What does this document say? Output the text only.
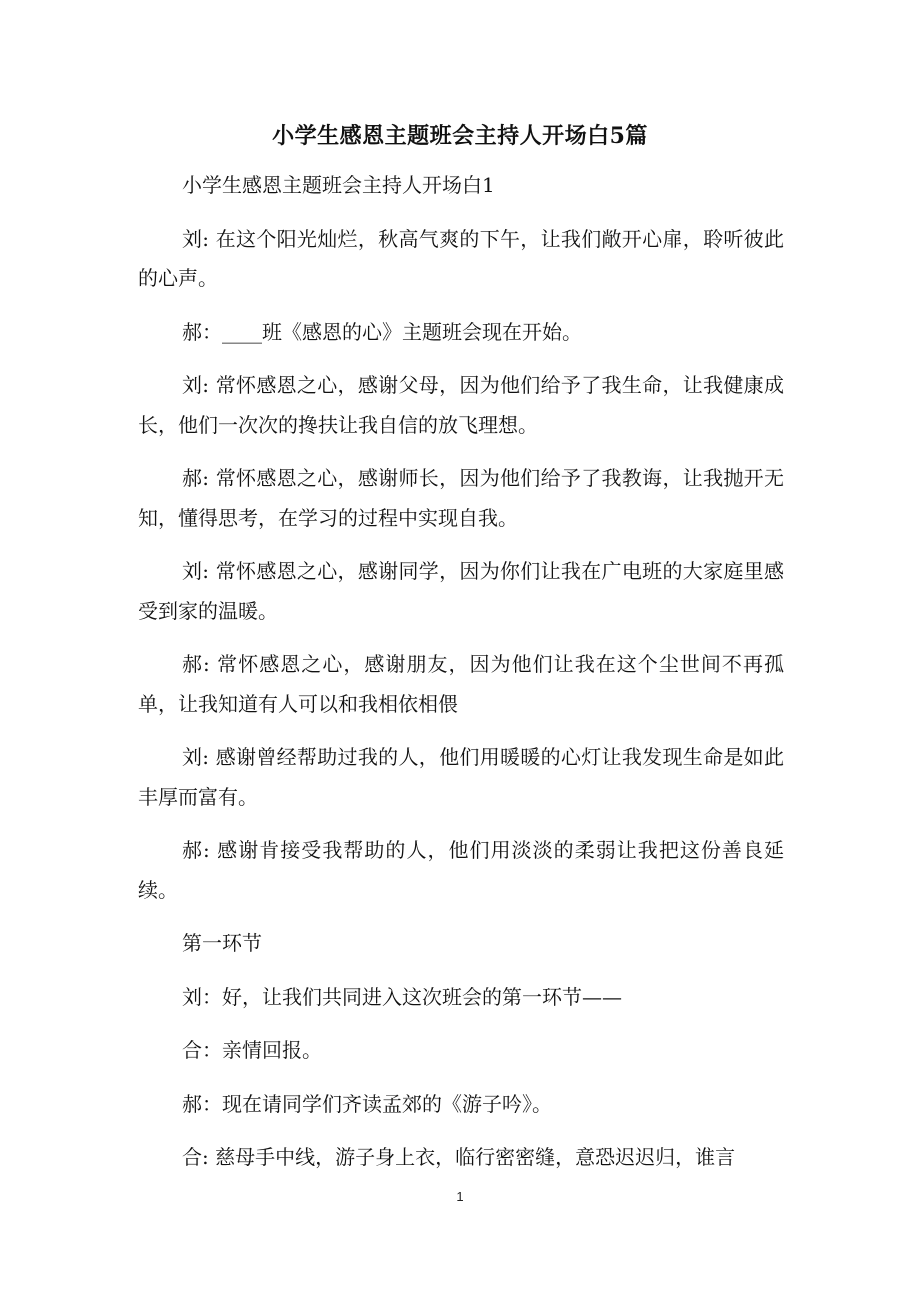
小学生感恩主题班会主持人开场白5篇

小学生感恩主题班会主持人开场白1

刘: 在这个阳光灿烂，秋高气爽的下午，让我们敞开心扉，聆听彼此的心声。

郝：____班《感恩的心》主题班会现在开始。

刘: 常怀感恩之心，感谢父母，因为他们给予了我生命，让我健康成长，他们一次次的搀扶让我自信的放飞理想。

郝: 常怀感恩之心，感谢师长，因为他们给予了我教诲，让我抛开无知，懂得思考，在学习的过程中实现自我。

刘: 常怀感恩之心，感谢同学，因为你们让我在广电班的大家庭里感受到家的温暖。

郝: 常怀感恩之心，感谢朋友，因为他们让我在这个尘世间不再孤单，让我知道有人可以和我相依相偎

刘: 感谢曾经帮助过我的人，他们用暖暖的心灯让我发现生命是如此丰厚而富有。

郝: 感谢肯接受我帮助的人，他们用淡淡的柔弱让我把这份善良延续。

第一环节

刘：好，让我们共同进入这次班会的第一环节——

合：亲情回报。

郝：现在请同学们齐读孟郊的《游子吟》。

合: 慈母手中线，游子身上衣，临行密密缝，意恐迟迟归，谁言

1
